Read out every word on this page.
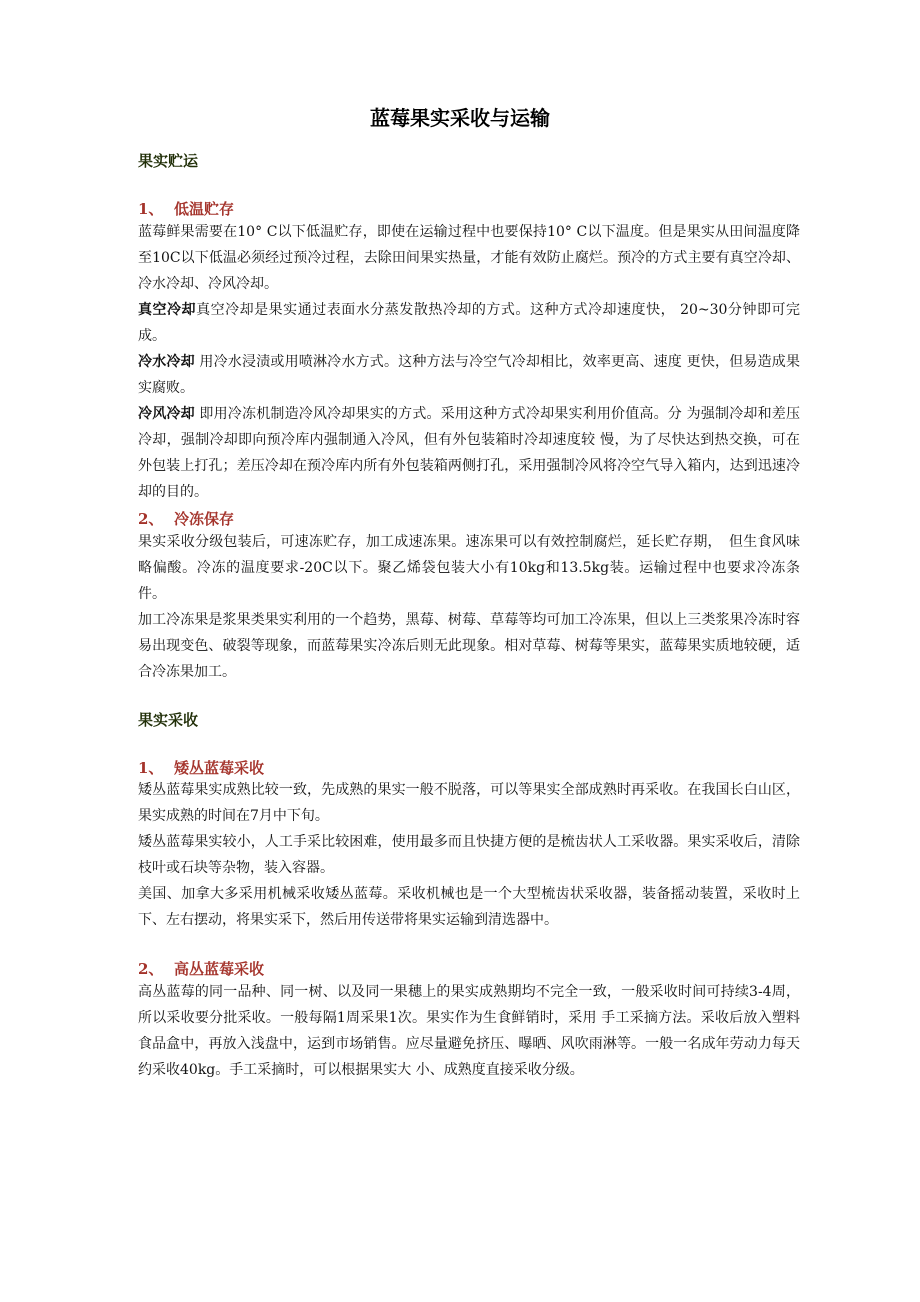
蓝莓果实采收与运输
果实贮运
1、 低温贮存
蓝莓鲜果需要在10° C以下低温贮存，即使在运输过程中也要保持10° C以下温度。但是果实从田间温度降至10C以下低温必须经过预冷过程，去除田间果实热量，才能有效防止腐烂。预冷的方式主要有真空冷却、冷水冷却、冷风冷却。
真空冷却真空冷却是果实通过表面水分蒸发散热冷却的方式。这种方式冷却速度快， 20~30分钟即可完成。
冷水冷却 用冷水浸渍或用喷淋冷水方式。这种方法与冷空气冷却相比，效率更高、速度 更快，但易造成果实腐败。
冷风冷却 即用冷冻机制造冷风冷却果实的方式。采用这种方式冷却果实利用价值高。分 为强制冷却和差压冷却，强制冷却即向预冷库内强制通入冷风，但有外包装箱时冷却速度较 慢，为了尽快达到热交换，可在外包装上打孔；差压冷却在预冷库内所有外包装箱两侧打孔，采用强制冷风将冷空气导入箱内，达到迅速冷却的目的。
2、 冷冻保存
果实采收分级包装后，可速冻贮存，加工成速冻果。速冻果可以有效控制腐烂，延长贮存期，　但生食风味略偏酸。冷冻的温度要求-20C以下。聚乙烯袋包装大小有10kg和13.5kg装。运输过程中也要求冷冻条件。
加工冷冻果是浆果类果实利用的一个趋势，黑莓、树莓、草莓等均可加工冷冻果，但以上三类浆果冷冻时容易出现变色、破裂等现象，而蓝莓果实冷冻后则无此现象。相对草莓、树莓等果实，蓝莓果实质地较硬，适合冷冻果加工。
果实采收
1、 矮丛蓝莓采收
矮丛蓝莓果实成熟比较一致，先成熟的果实一般不脱落，可以等果实全部成熟时再采收。在我国长白山区，果实成熟的时间在7月中下旬。
矮丛蓝莓果实较小，人工手采比较困难，使用最多而且快捷方便的是梳齿状人工采收器。果实采收后，清除枝叶或石块等杂物，装入容器。
美国、加拿大多采用机械采收矮丛蓝莓。采收机械也是一个大型梳齿状采收器，装备摇动装置，采收时上下、左右摆动，将果实采下，然后用传送带将果实运输到清选器中。
2、 高丛蓝莓采收
高丛蓝莓的同一品种、同一树、以及同一果穗上的果实成熟期均不完全一致，一般采收时间可持续3-4周，所以采收要分批采收。一般每隔1周采果1次。果实作为生食鲜销时，采用 手工采摘方法。采收后放入塑料食品盒中，再放入浅盘中，运到市场销售。应尽量避免挤压、曝晒、风吹雨淋等。一般一名成年劳动力每天约采收40kg。手工采摘时，可以根据果实大 小、成熟度直接采收分级。
